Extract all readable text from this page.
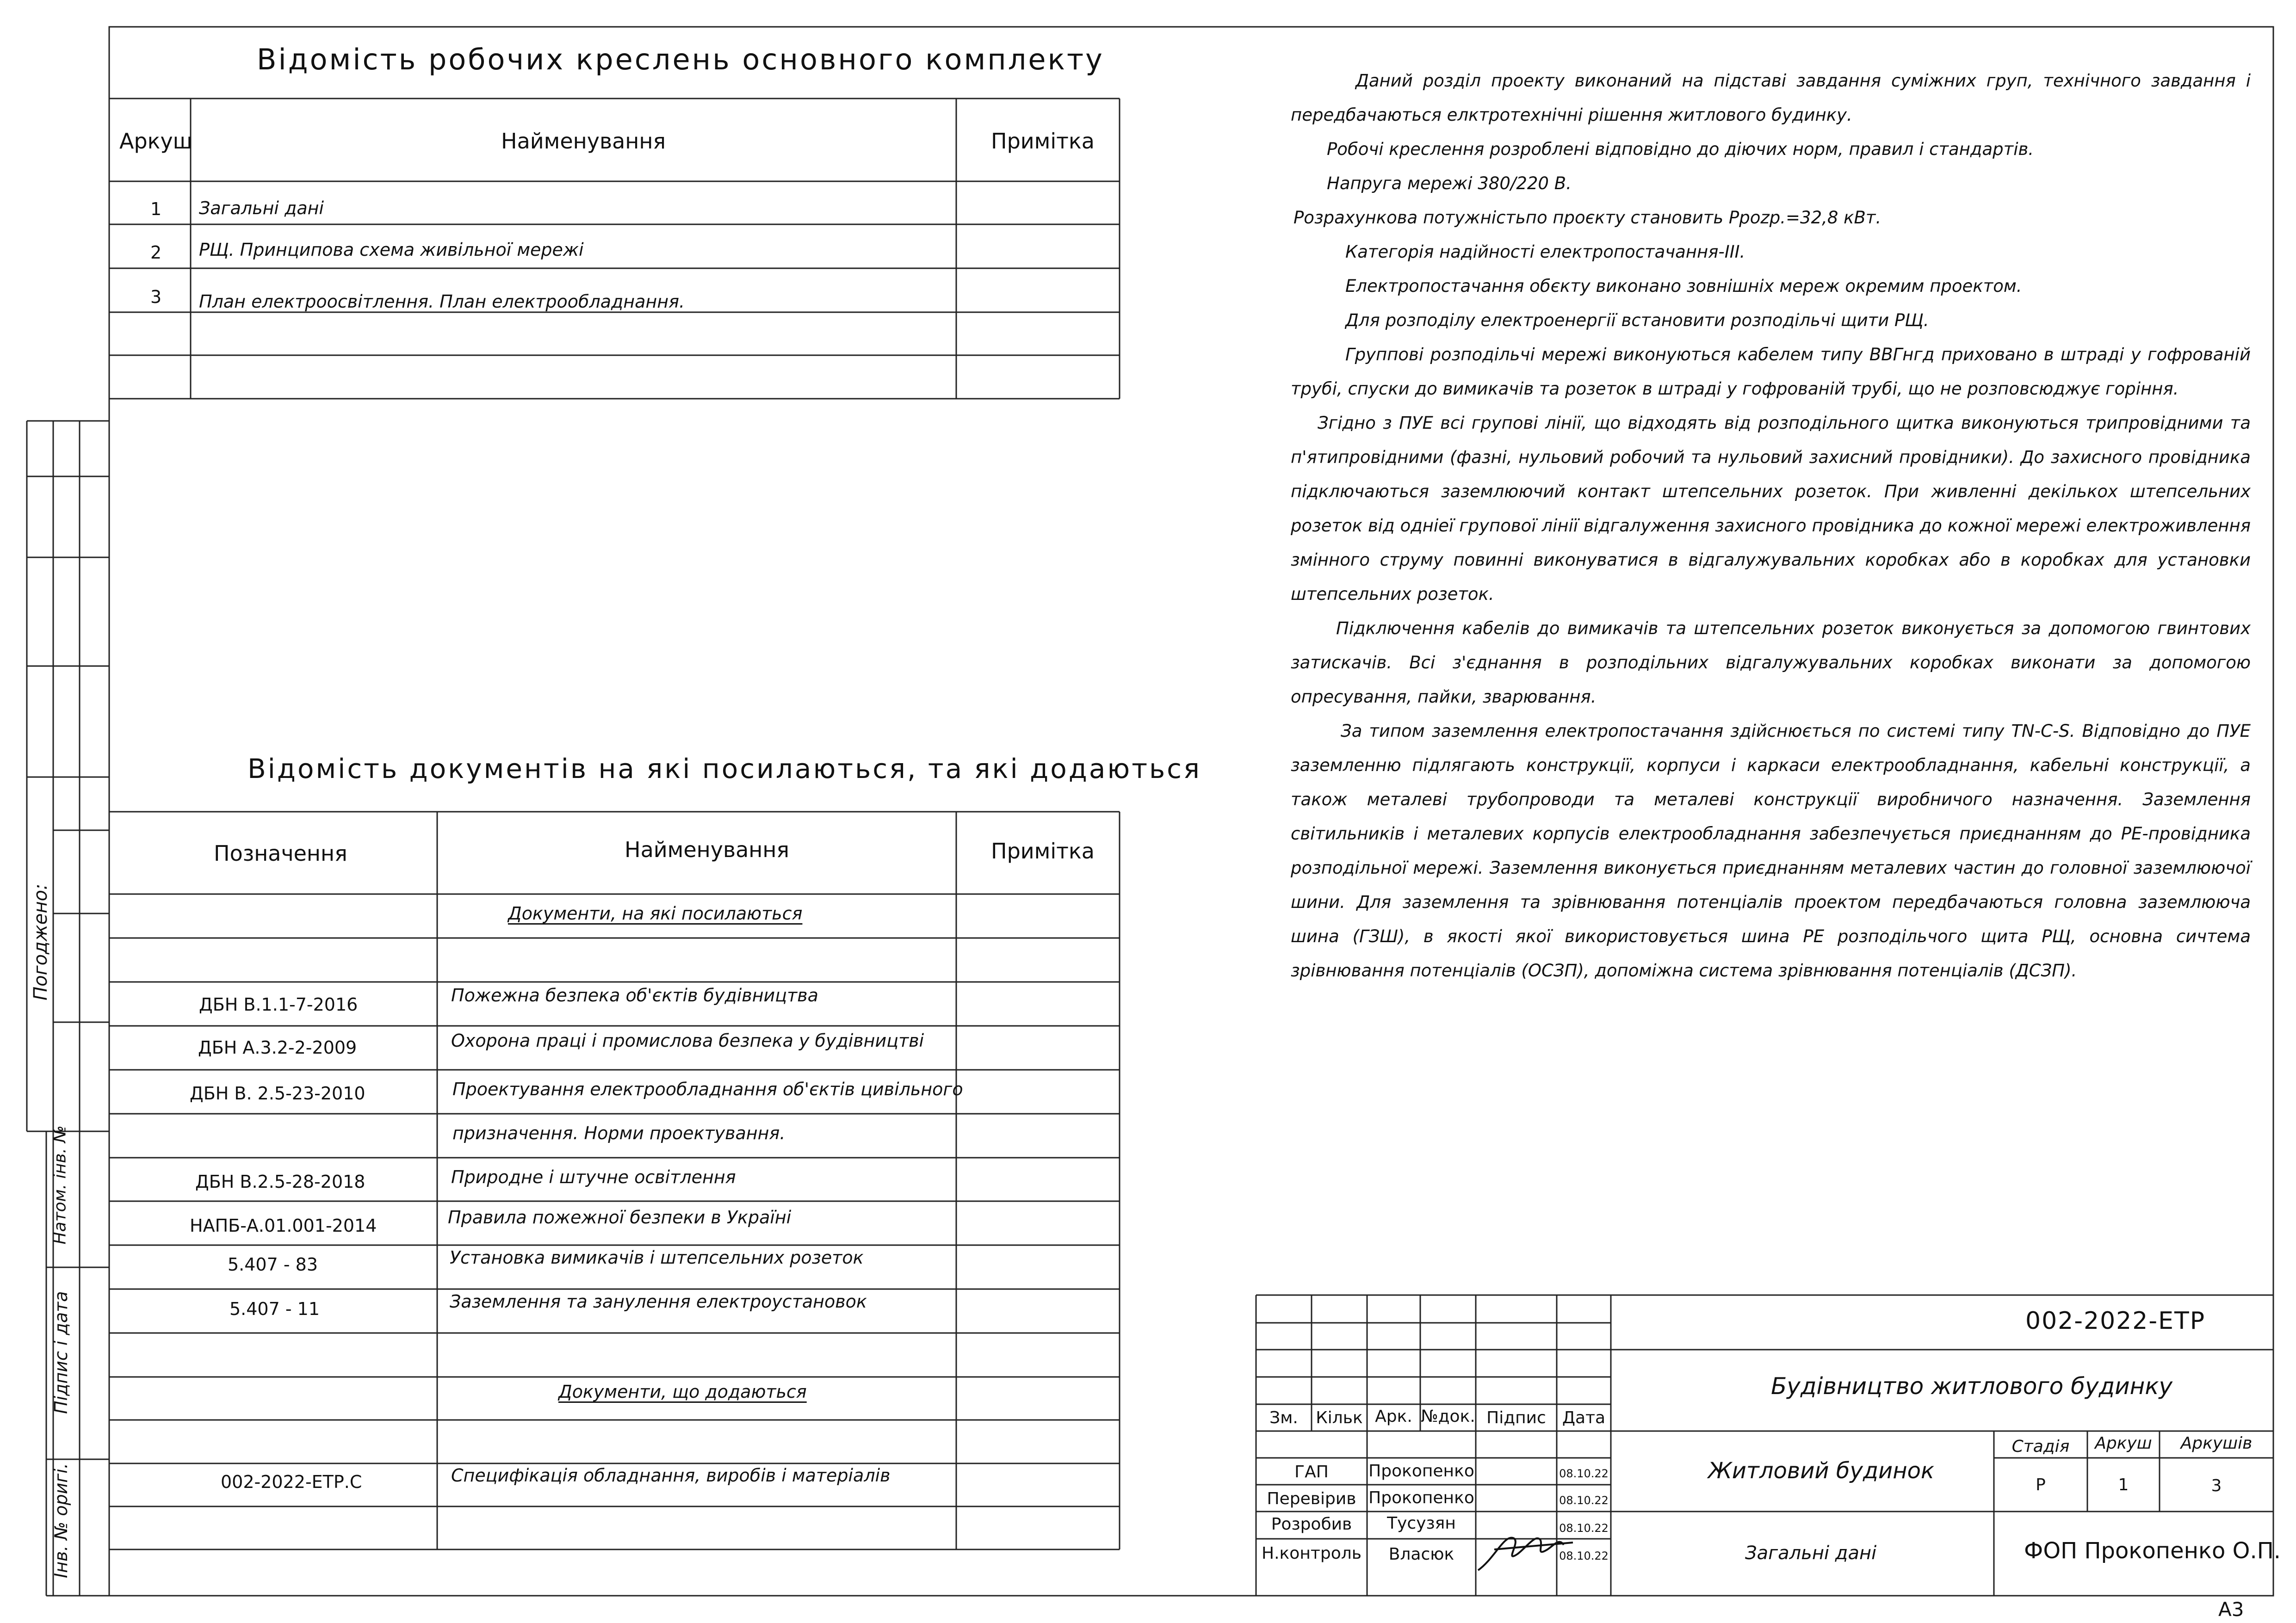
Відомість робочих креслень основного комплекту
Аркуш	Найменування	Примітка
1 Загальні дані
2 РЩ. Принципова схема живільної мережі
3 План електроосвітлення. План електрообладнання.
Відомість документів на які посилаються, та які додаються
Позначення	Найменування	Примітка
Документи, на які посилаються
ДБН В.1.1-7-2016	Пожежна безпека об'єктів будівництва
ДБН А.3.2-2-2009	Охорона праці і промислова безпека у будівництві
ДБН В. 2.5-23-2010	Проектування електрообладнання об'єктів цивільного
призначення. Норми проектування.
ДБН В.2.5-28-2018	Природне і штучне освітлення
НАПБ-А.01.001-2014	Правила пожежної безпеки в Україні
5.407 - 83	Установка вимикачів і штепсельних розеток
5.407 - 11	Заземлення та занулення електроустановок
Документи, що додаються
002-2022-ЕТР.С	Специфікація обладнання, виробів і матеріалів

Даний розділ проекту виконаний на підставі завдання суміжних груп, технічного завдання і передбачаються елктротехнічні рішення житлового будинку.

Робочі креслення розроблені відповідно до діючих норм, правил і стандартів.

Напруга мережі 380/220 В.

Розрахункова потужністьпо проєкту становить Рроzр.=32,8 кВт.

Категорія надійності електропостачання-ІІІ.

Електропостачання обєкту виконано зовнішніх мереж окремим проектом.

Для розподілу електроенергії встановити розподільчі щити РЩ.

Группові розподільчі мережі виконуються кабелем типу ВВГнгд приховано в штраді у гофрованій трубі, спуски до вимикачів та розеток в штраді у гофрованій трубі, що не розповсюджує горіння.

Згідно з ПУЕ всі групові лінії, що відходять від розподільного щитка виконуються трипровідними та п'ятипровідними (фазні, нульовий робочий та нульовий захисний провідники). До захисного провідника підключаються заземлюючий контакт штепсельних розеток. При живленні декількох штепсельних розеток від одніеї групової лінії відгалуження захисного провідника до кожної мережі електроживлення змінного струму повинні виконуватися в відгалужувальних коробках або в коробках для установки штепсельних розеток.

Підключення кабелів до вимикачів та штепсельних розеток виконується за допомогою гвинтових затискачів. Всі з'єднання в розподільних відгалужувальних коробках виконати за допомогою опресування, пайки, зварювання.

За типом заземлення електропостачання здійснюється по системі типу TN-C-S. Відповідно до ПУЕ заземленню підлягають конструкції, корпуси і каркаси електрообладнання, кабельні конструкції, а також металеві трубопроводи та металеві конструкції виробничого назначення. Заземлення світильників і металевих корпусів електрообладнання забезпечується приєднанням до РЕ-провідника розподільної мережі. Заземлення виконується приєднанням металевих частин до головної заземлюючої шини. Для заземлення та зрівнювання потенціалів проектом передбачаються головна заземлююча шина (ГЗШ), в якості якої використовується шина РЕ розподільчого щита РЩ, основна сичтема зрівнювання потенціалів (ОСЗП), допоміжна система зрівнювання потенціалів (ДСЗП).

Погоджено:
Натом. інв. №
Підпис і дата
Інв. № оригі.
002-2022-ЕТР
Будівництво житлового будинку
Житловий будинок
Загальні дані	ФОП Прокопенко О.П.
Зм.	Кільк Арк. №док. Підпис Дата
Стадія	Аркуш	Аркушів
Р	1	3
ГАП	Прокопенко	08.10.22
Перевірив Прокопенко	08.10.22
Розробив	Тусузян	08.10.22
Н.контроль	Власюк	08.10.22
А3
